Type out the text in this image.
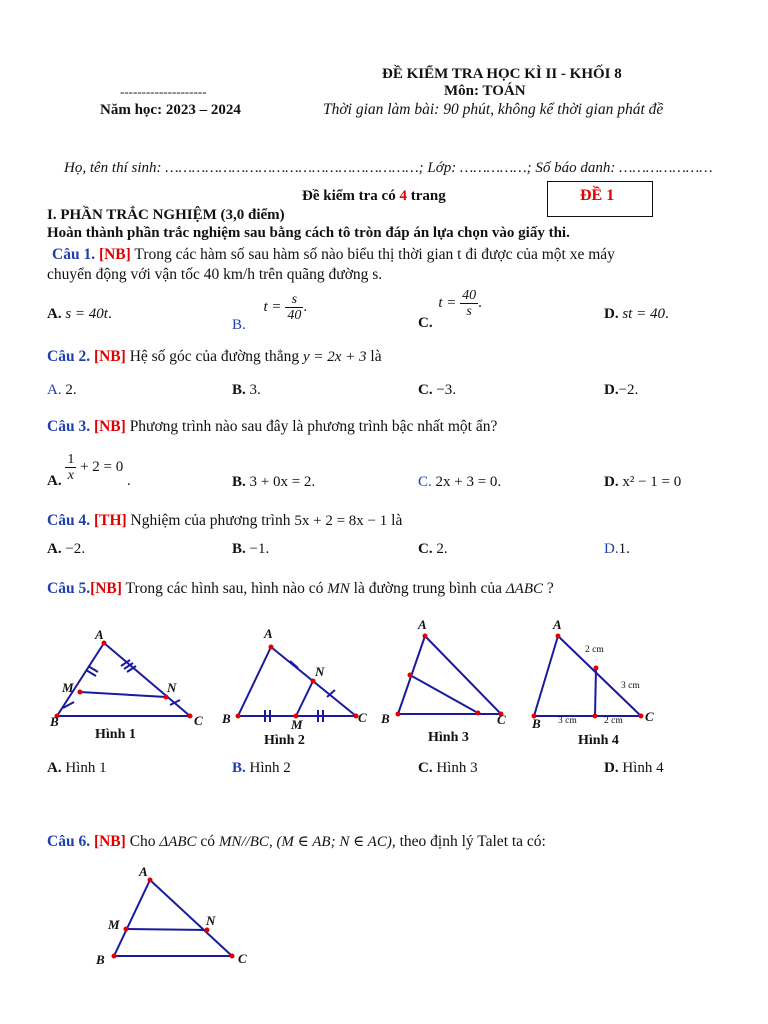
ĐỀ KIỂM TRA HỌC KÌ II - KHỐI 8
--------------------	Môn: TOÁN
Năm học: 2023 – 2024	Thời gian làm bài: 90 phút, không kể thời gian phát đề
Họ, tên thí sinh: …………………………………………………; Lớp: ……………; Số báo danh: …………………
Đề kiểm tra có 4 trang	ĐỀ 1
I. PHẦN TRẮC NGHIỆM (3,0 điểm)
Hoàn thành phần trắc nghiệm sau bằng cách tô tròn đáp án lựa chọn vào giấy thi.
Câu 1. [NB] Trong các hàm số sau hàm số nào biểu thị thời gian t đi được của một xe máy
chuyển động với vận tốc 40 km/h trên quãng đường s.
A. s = 40t.
B. $t = \frac{s}{40}$ .
C. $t = \frac{40}{s}$ .
D. st = 40.
Câu 2. [NB] Hệ số góc của đường thẳng y = 2x + 3 là
A. 2.	B. 3.	C. −3.	D.−2.
Câu 3. [NB] Phương trình nào sau đây là phương trình bậc nhất một ẩn?
A. $\frac{1}{x} + 2 = 0$ .	B. 3 + 0x = 2.	C. 2x + 3 = 0.	D. x² − 1 = 0
Câu 4. [TH] Nghiệm của phương trình 5x + 2 = 8x − 1 là
A. −2.	B. −1.	C. 2.	D.1.
Câu 5.[NB] Trong các hình sau, hình nào có MN là đường trung bình của ΔABC ?
A
M	N
B	C
A
N
B	M	C
A
B	C
A
B	C
2 cm
3 cm
3 cm	2 cm
Hình 1	Hình 2	Hình 3	Hình 4
A. Hình 1	B. Hình 2	C. Hình 3	D. Hình 4
Câu 6. [NB] Cho ΔABC có MN//BC, (M ∈ AB; N ∈ AC), theo định lý Talet ta có:
A
M	N
B	C
